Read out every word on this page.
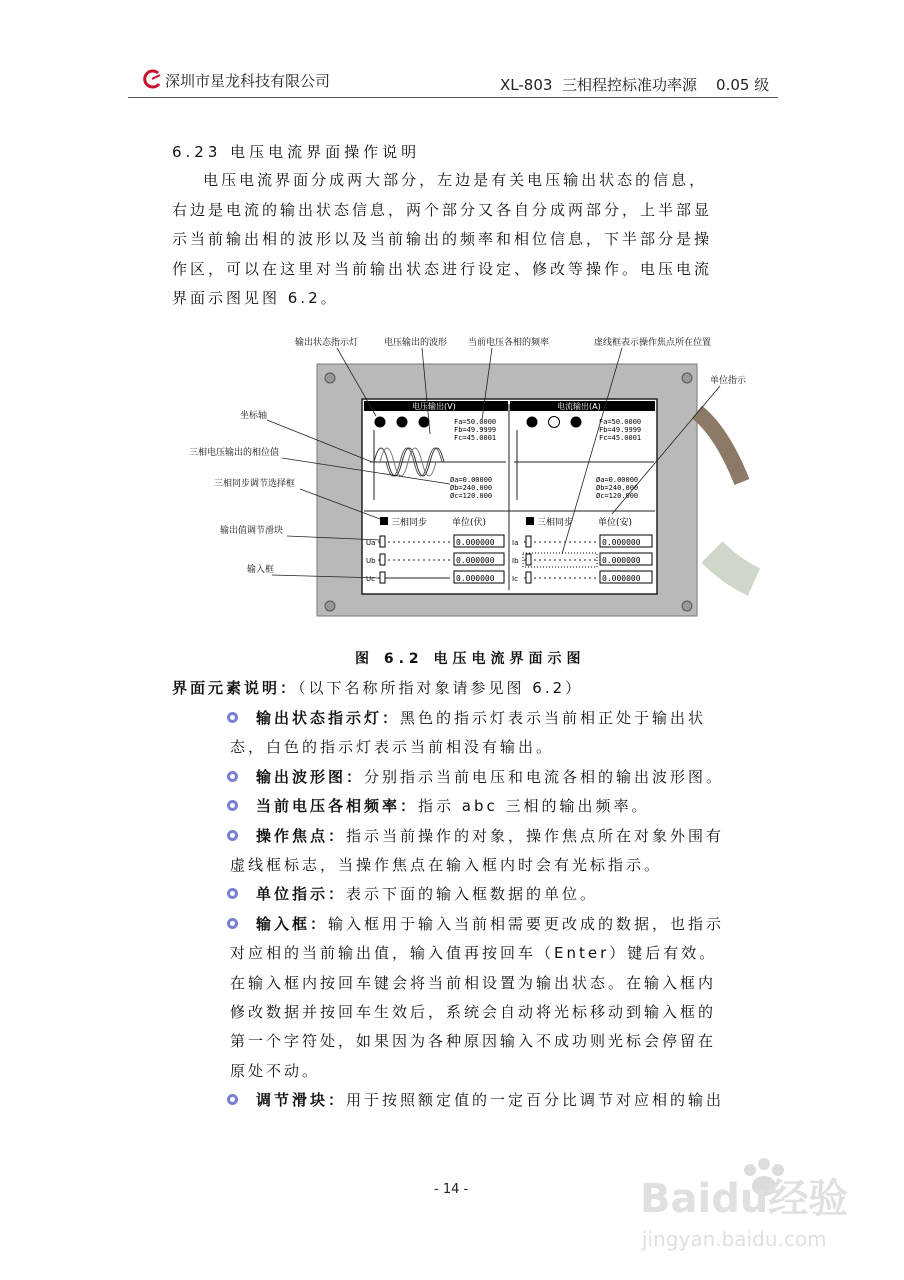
深圳市星龙科技有限公司	XL-803  三相程控标准功率源    0.05 级
6.23 电压电流界面操作说明
电压电流界面分成两大部分，左边是有关电压输出状态的信息，
右边是电流的输出状态信息，两个部分又各自分成两部分，上半部显
示当前输出相的波形以及当前输出的频率和相位信息，下半部分是操
作区，可以在这里对当前输出状态进行设定、修改等操作。电压电流
界面示图见图 6.2。
电压输出(V)	电流输出(A)
Fa=50.0000
Fb=49.9999
Fc=45.0001
Fa=50.0000
Fb=49.9999
Fc=45.0001
Øa=0.00000
Øb=240.000
Øc=120.000
Øa=0.00000
Øb=240.000
Øc=120.000
三相同步	单位(伏)	三相同步	单位(安)
Ua	0.000000
Ub	0.000000
Uc	0.000000
Ia	0.000000
Ib	0.000000
Ic	0.000000
输出状态指示灯	电压输出的波形 当前电压各相的频率	虚线框表示操作焦点所在位置
单位指示
坐标轴
三相电压输出的相位值
三相同步调节选择框
输出值调节滑块
输入框
图 6.2 电压电流界面示图
界面元素说明：（以下名称所指对象请参见图 6.2）
输出状态指示灯：黑色的指示灯表示当前相正处于输出状
态，白色的指示灯表示当前相没有输出。
输出波形图：分别指示当前电压和电流各相的输出波形图。
当前电压各相频率：指示 abc 三相的输出频率。
操作焦点：指示当前操作的对象，操作焦点所在对象外围有
虚线框标志，当操作焦点在输入框内时会有光标指示。
单位指示：表示下面的输入框数据的单位。
输入框：输入框用于输入当前相需要更改成的数据，也指示
对应相的当前输出值，输入值再按回车（Enter）键后有效。
在输入框内按回车键会将当前相设置为输出状态。在输入框内
修改数据并按回车生效后，系统会自动将光标移动到输入框的
第一个字符处，如果因为各种原因输入不成功则光标会停留在
原处不动。
调节滑块：用于按照额定值的一定百分比调节对应相的输出
- 14 -	Baidu经验
jingyan.baidu.com
